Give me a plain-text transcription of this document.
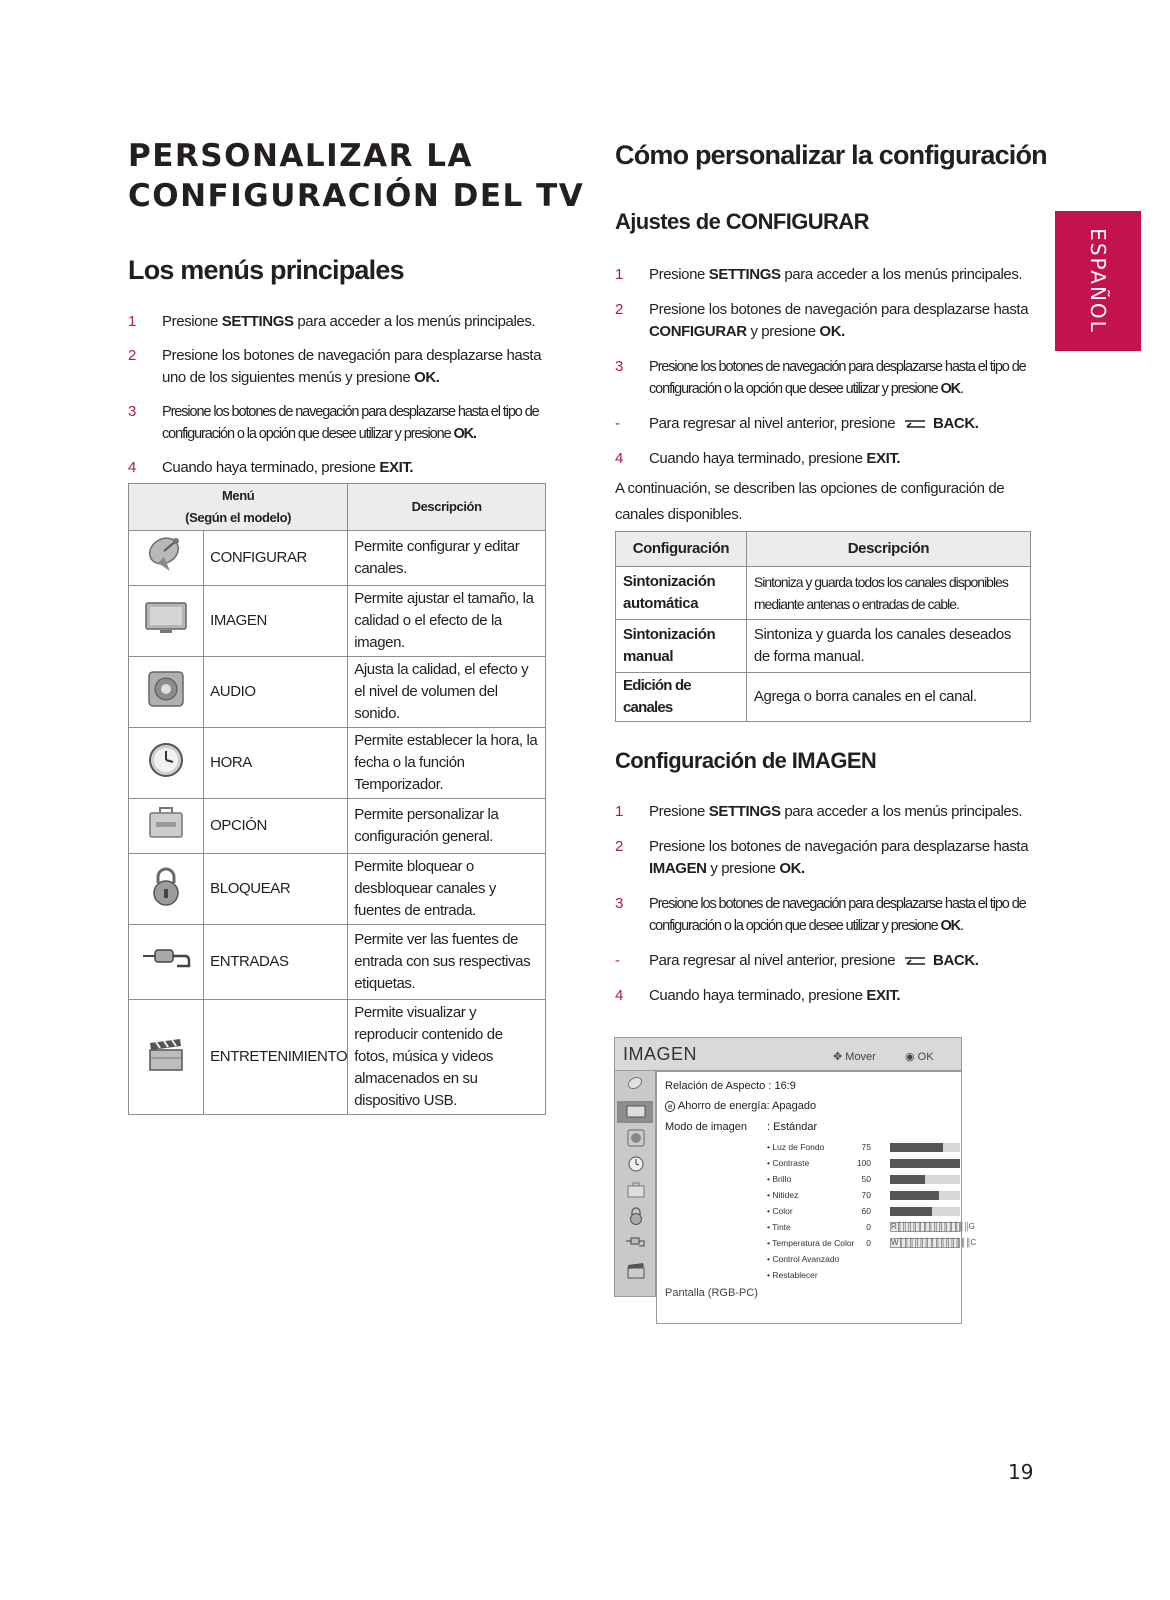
ESPAÑOL
PERSONALIZAR LA
CONFIGURACIÓN DEL TV
Los menús principales
1	Presione SETTINGS para acceder a los menús principales.
2	Presione los botones de navegación para desplazarse hasta uno de los siguientes menús y presione OK.
3	Presione los botones de navegación para desplazarse hasta el tipo de configuración o la opción que desee utilizar y presione OK.
4	Cuando haya terminado, presione EXIT.
Menú
(Según el modelo)		Descripción
	CONFIGURAR	Permite configurar y editar canales.
	IMAGEN	Permite ajustar el tamaño, la calidad o el efecto de la imagen.
	AUDIO	Ajusta la calidad, el efecto y el nivel de volumen del sonido.
	HORA	Permite establecer la hora, la fecha o la función Temporizador.
	OPCIÓN	Permite personalizar la configuración general.
	BLOQUEAR	Permite bloquear o desbloquear canales y fuentes de entrada.
	ENTRADAS	Permite ver las fuentes de entrada con sus respectivas etiquetas.
	ENTRETENIMIENTO	Permite visualizar y reproducir contenido de fotos, música y videos almacenados en su dispositivo USB.
Cómo personalizar la configuración
Ajustes de CONFIGURAR
1	Presione SETTINGS para acceder a los menús principales.
2	Presione los botones de navegación para desplazarse hasta CONFIGURAR y presione OK.
3	Presione los botones de navegación para desplazarse hasta el tipo de configuración o la opción que desee utilizar y presione OK.
-	Para regresar al nivel anterior, presione BACK.
4	Cuando haya terminado, presione EXIT.
A continuación, se describen las opciones de configuración de canales disponibles.
Configuración	Descripción
Sintonización automática	Sintoniza y guarda todos los canales disponibles mediante antenas o entradas de cable.
Sintonización manual	Sintoniza y guarda los canales deseados de forma manual.
Edición de canales	Agrega o borra canales en el canal.
Configuración de IMAGEN
1	Presione SETTINGS para acceder a los menús principales.
2	Presione los botones de navegación para desplazarse hasta IMAGEN y presione OK.
3	Presione los botones de navegación para desplazarse hasta el tipo de configuración o la opción que desee utilizar y presione OK.
-	Para regresar al nivel anterior, presione BACK.
4	Cuando haya terminado, presione EXIT.
IMAGEN	✥ Mover	◉ OK
Relación de Aspecto : 16:9
e Ahorro de energía: Apagado
Modo de imagen : Estándar
• Luz de Fondo	75
• Contraste	100
• Brillo	50
• Nitidez	70
• Color	60
• Tinte	0	R║║║║║║║║║║║║║║G
• Temperatura de Color	0	W║║║║║║║║║║║║║║C
• Control Avanzado
• Restablecer
Pantalla (RGB-PC)
19
